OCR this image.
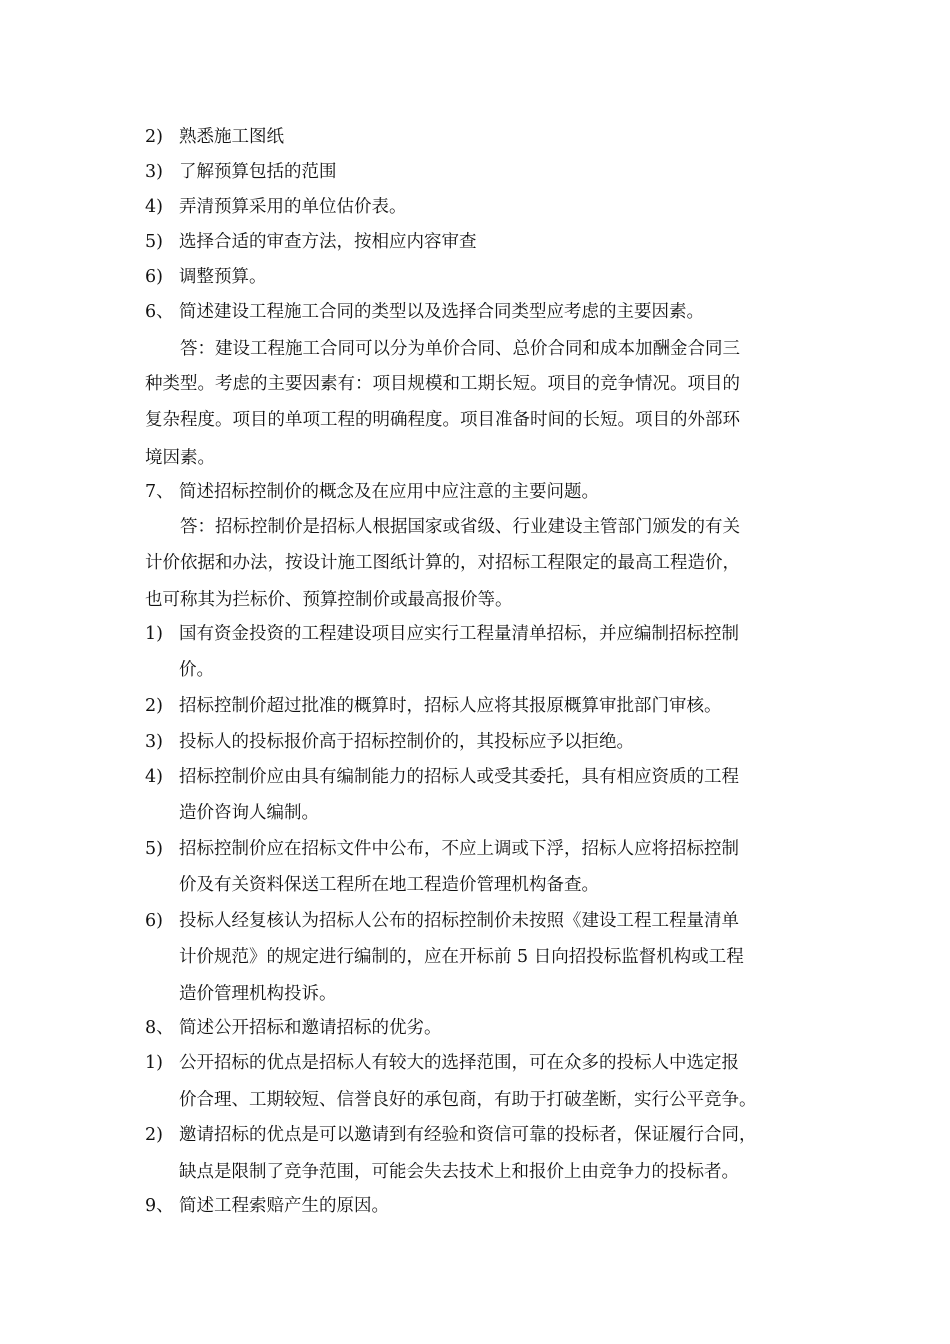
2) 熟悉施工图纸
3) 了解预算包括的范围
4) 弄清预算采用的单位估价表。
5) 选择合适的审查方法，按相应内容审查
6) 调整预算。
6、 简述建设工程施工合同的类型以及选择合同类型应考虑的主要因素。
答：建设工程施工合同可以分为单价合同、总价合同和成本加酬金合同三
种类型。考虑的主要因素有：项目规模和工期长短。项目的竞争情况。项目的
复杂程度。项目的单项工程的明确程度。项目准备时间的长短。项目的外部环
境因素。
7、 简述招标控制价的概念及在应用中应注意的主要问题。
答：招标控制价是招标人根据国家或省级、行业建设主管部门颁发的有关
计价依据和办法，按设计施工图纸计算的，对招标工程限定的最高工程造价，
也可称其为拦标价、预算控制价或最高报价等。
1) 国有资金投资的工程建设项目应实行工程量清单招标，并应编制招标控制
价。
2) 招标控制价超过批准的概算时，招标人应将其报原概算审批部门审核。
3) 投标人的投标报价高于招标控制价的，其投标应予以拒绝。
4) 招标控制价应由具有编制能力的招标人或受其委托，具有相应资质的工程
造价咨询人编制。
5) 招标控制价应在招标文件中公布，不应上调或下浮，招标人应将招标控制
价及有关资料保送工程所在地工程造价管理机构备查。
6) 投标人经复核认为招标人公布的招标控制价未按照《建设工程工程量清单
计价规范》的规定进行编制的，应在开标前 5 日向招投标监督机构或工程
造价管理机构投诉。
8、 简述公开招标和邀请招标的优劣。
1) 公开招标的优点是招标人有较大的选择范围，可在众多的投标人中选定报
价合理、工期较短、信誉良好的承包商，有助于打破垄断，实行公平竞争。
2) 邀请招标的优点是可以邀请到有经验和资信可靠的投标者，保证履行合同，
缺点是限制了竞争范围，可能会失去技术上和报价上由竞争力的投标者。
9、 简述工程索赔产生的原因。
